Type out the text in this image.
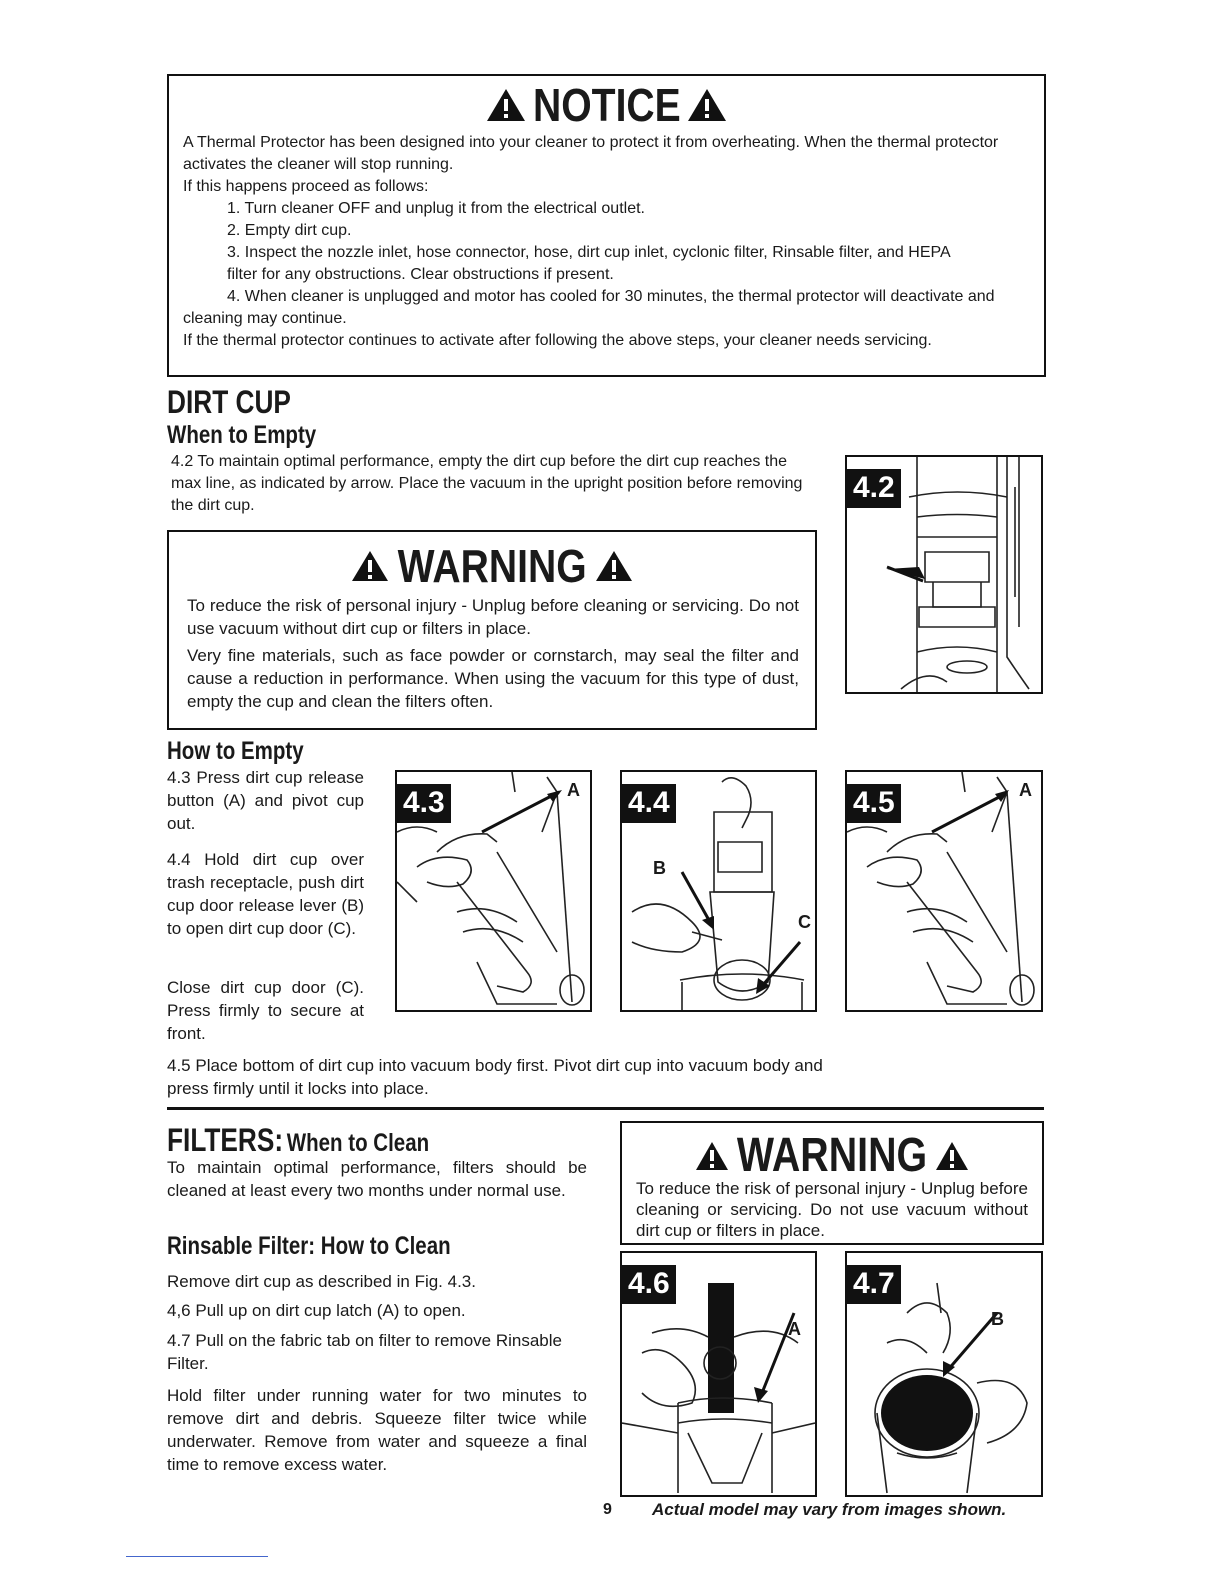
NOTICE

A Thermal Protector has been designed into your cleaner to protect it from overheating. When the thermal protector activates the cleaner will stop running.

If this happens proceed as follows:

1. Turn cleaner OFF and unplug it from the electrical outlet.

2. Empty dirt cup.

3. Inspect the nozzle inlet, hose connector, hose, dirt cup inlet, cyclonic filter, Rinsable filter, and HEPA filter for any obstructions. Clear obstructions if present.

4. When cleaner is unplugged and motor has cooled for 30 minutes, the thermal protector will deactivate and cleaning may continue.

If the thermal protector continues to activate after following the above steps, your cleaner needs servicing.

DIRT CUP
When to Empty

4.2 To maintain optimal performance, empty the dirt cup before the dirt cup reaches the max line, as indicated by arrow. Place the vacuum in the upright position before removing the dirt cup.

WARNING

To reduce the risk of personal injury - Unplug before cleaning or servicing. Do not use vacuum without dirt cup or filters in place.

Very fine materials, such as face powder or cornstarch, may seal the filter and cause a reduction in performance. When using the vacuum for this type of dust, empty the cup and clean the filters often.

4.2
How to Empty

4.3 Press dirt cup release button (A) and pivot cup out.

4.4 Hold dirt cup over trash receptacle, push dirt cup door release lever (B) to open dirt cup door (C).

Close dirt cup door (C). Press firmly to secure at front.

4.3	A 4.4
B
C
4.5	A

4.5 Place bottom of dirt cup into vacuum body first. Pivot dirt cup into vacuum body and press firmly until it locks into place.

FILTERS: When to Clean

To maintain optimal performance, filters should be cleaned at least every two months under normal use.

Rinsable Filter: How to Clean

Remove dirt cup as described in Fig. 4.3.

4,6 Pull up on dirt cup latch (A) to open.

4.7 Pull on the fabric tab on filter to remove Rinsable Filter.

Hold filter under running water for two minutes to remove dirt and debris. Squeeze filter twice while underwater. Remove from water and squeeze a final time to remove excess water.

WARNING

To reduce the risk of personal injury - Unplug before cleaning or servicing. Do not use vacuum without dirt cup or filters in place.

4.6
A
4.7
B
9 Actual model may vary from images shown.
